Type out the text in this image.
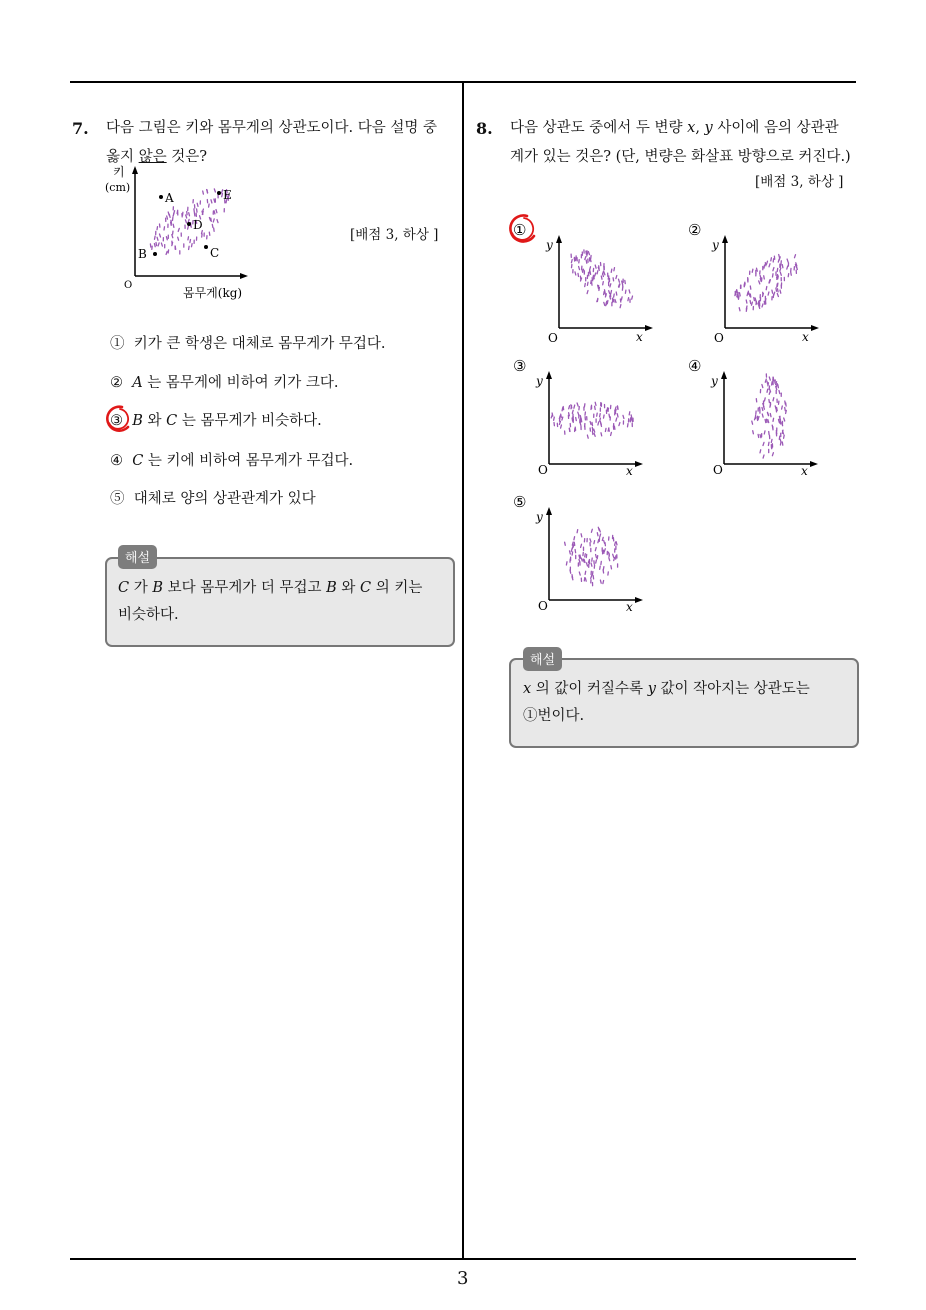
3
7. 다음 그림은 키와 몸무게의 상관도이다. 다음 설명 중
옳지 않은 것은?
키
(cm)
O
몸무게(kg)
A	E
D
C
B
[배점 3, 하상 ]
① 키가 큰 학생은 대체로 몸무게가 무겁다.
② A 는 몸무게에 비하여 키가 크다.
③ B 와 C 는 몸무게가 비슷하다.
④ C 는 키에 비하여 몸무게가 무겁다.
⑤ 대체로 양의 상관관계가 있다
해설
C 가 B 보다 몸무게가 더 무겁고 B 와 C 의 키는
비슷하다.
8. 다음 상관도 중에서 두 변량 x, y 사이에 음의 상관관
계가 있는 것은? (단, 변량은 화살표 방향으로 커진다.)
[배점 3, 하상 ]
①
y
O	x
②
y
O	x
③
y
O	x
④
y
O	x
⑤
y
O	x
해설
x 의 값이 커질수록 y 값이 작아지는 상관도는
①번이다.
